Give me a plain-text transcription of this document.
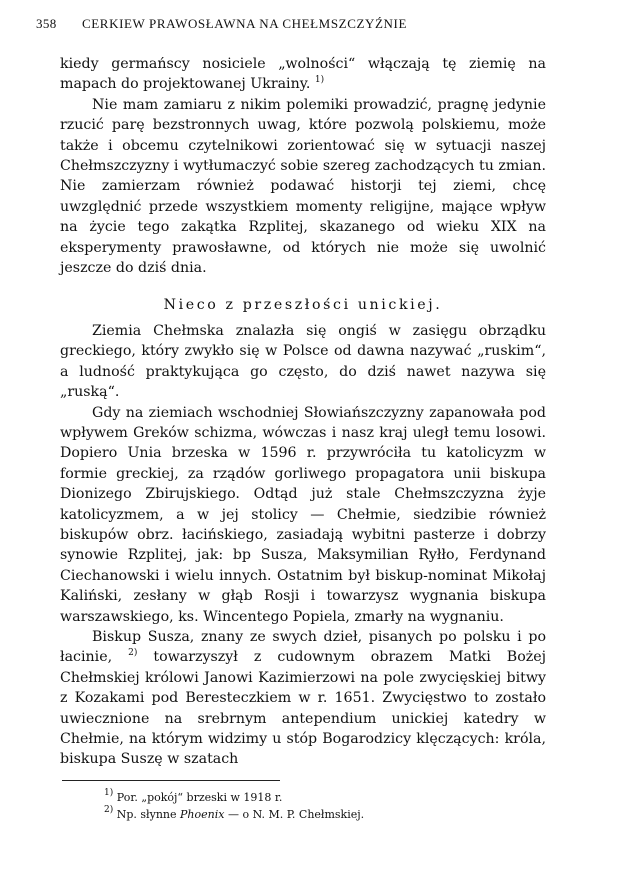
358	CERKIEW PRAWOSŁAWNA NA CHEŁMSZCZYŹNIE

kiedy germańscy nosiciele „wolności“ włączają tę ziemię na mapach do projektowanej Ukrainy. $^{1)}$

Nie mam zamiaru z nikim polemiki prowadzić, pragnę jedynie rzucić parę bezstronnych uwag, które pozwolą polskiemu, może także i obcemu czytelnikowi zorientować się w sytuacji naszej Chełmszczyzny i wytłumaczyć sobie szereg zachodzących tu zmian. Nie zamierzam również podawać historji tej ziemi, chcę uwzględnić przede wszystkiem momenty religijne, mające wpływ na życie tego zakątka Rzplitej, skazanego od wieku XIX na eksperymenty prawosławne, od których nie może się uwolnić jeszcze do dziś dnia.

Nieco z przeszłości unickiej.

Ziemia Chełmska znalazła się ongiś w zasięgu obrządku greckiego, który zwykło się w Polsce od dawna nazywać „ruskim“, a ludność praktykująca go często, do dziś nawet nazywa się „ruską“.

Gdy na ziemiach wschodniej Słowiańszczyzny zapanowała pod wpływem Greków schizma, wówczas i nasz kraj uległ temu losowi. Dopiero Unia brzeska w 1596 r. przywróciła tu katolicyzm w formie greckiej, za rządów gorliwego propagatora unii biskupa Dionizego Zbirujskiego. Odtąd już stale Chełmszczyzna żyje katolicyzmem, a w jej stolicy — Chełmie, siedzibie również biskupów obrz. łacińskiego, zasiadają wybitni pasterze i dobrzy synowie Rzplitej, jak: bp Susza, Maksymilian Ryłło, Ferdynand Ciechanowski i wielu innych. Ostatnim był biskup-nominat Mikołaj Kaliński, zesłany w głąb Rosji i towarzysz wygnania biskupa warszawskiego, ks. Wincentego Popiela, zmarły na wygnaniu.

Biskup Susza, znany ze swych dzieł, pisanych po polsku i po łacinie, $^{2)}$ towarzyszył z cudownym obrazem Matki Bożej Chełmskiej królowi Janowi Kazimierzowi na pole zwycięskiej bitwy z Kozakami pod Beresteczkiem w r. 1651. Zwycięstwo to zostało uwiecznione na srebrnym antependium unickiej katedry w Chełmie, na którym widzimy u stóp Bogarodzicy klęczących: króla, biskupa Suszę w szatach

$^{1)}$ Por. „pokój“ brzeski w 1918 r.
$^{2)}$ Np. słynne Phoenix — o N. M. P. Chełmskiej.
